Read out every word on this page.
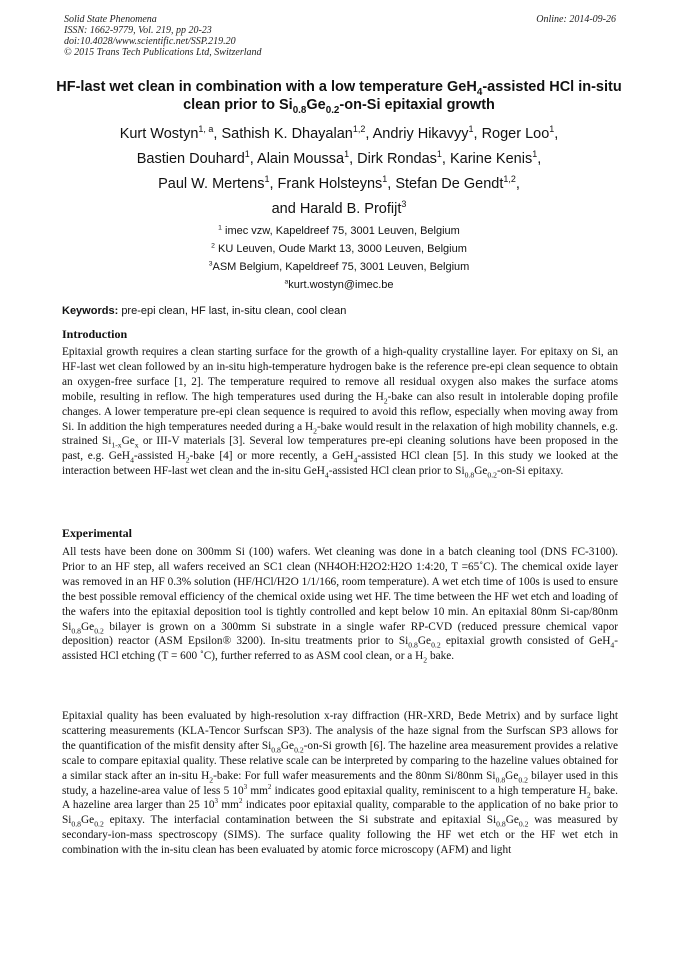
Solid State Phenomena
ISSN: 1662-9779, Vol. 219, pp 20-23
doi:10.4028/www.scientific.net/SSP.219.20
© 2015 Trans Tech Publications Ltd, Switzerland
Online: 2014-09-26
HF-last wet clean in combination with a low temperature GeH$_4$-assisted HCl in-situ clean prior to $Si_{0.8}Ge_{0.2}-on-Si$ epitaxial growth
Kurt Wostyn$^{1, a}$, Sathish K. Dhayalan$^{1,2}$, Andriy Hikavyy$^1$, Roger Loo$^1$,
Bastien Douhard$^1$, Alain Moussa$^1$, Dirk Rondas$^1$, Karine Kenis$^1$,
Paul W. Mertens$^1$, Frank Holsteyns$^1$, Stefan De Gendt$^{1,2}$,
and Harald B. Profijt$^3$
$^1$ imec vzw, Kapeldreef 75, 3001 Leuven, Belgium
$^2$ KU Leuven, Oude Markt 13, 3000 Leuven, Belgium
$^3$ASM Belgium, Kapeldreef 75, 3001 Leuven, Belgium
$^a$kurt.wostyn@imec.be
Keywords: pre-epi clean, HF last, in-situ clean, cool clean
Introduction
Epitaxial growth requires a clean starting surface for the growth of a high-quality crystalline layer. For epitaxy on Si, an HF-last wet clean followed by an in-situ high-temperature hydrogen bake is the reference pre-epi clean sequence to obtain an oxygen-free surface [1, 2]. The temperature required to remove all residual oxygen also makes the surface atoms mobile, resulting in reflow. The high temperatures used during the $H_2$-bake can also result in intolerable doping profile changes. A lower temperature pre-epi clean sequence is required to avoid this reflow, especially when moving away from Si. In addition the high temperatures needed during a $H_2$-bake would result in the relaxation of high mobility channels, e.g. strained $Si_{1-x}Ge_x$ or III-V materials [3]. Several low temperatures pre-epi cleaning solutions have been proposed in the past, e.g. GeH$_4$-assisted $H_2$-bake [4] or more recently, a GeH$_4$-assisted HCl clean [5]. In this study we looked at the interaction between HF-last wet clean and the in-situ GeH$_4$-assisted HCl clean prior to $Si_{0.8}Ge_{0.2}-on-Si$ epitaxy.
Experimental
All tests have been done on 300mm Si (100) wafers. Wet cleaning was done in a batch cleaning tool (DNS FC-3100). Prior to an HF step, all wafers received an SC1 clean (NH4OH:H2O2:H2O 1:4:20, T =65˚C). The chemical oxide layer was removed in an HF 0.3% solution (HF/HCl/H2O 1/1/166, room temperature). A wet etch time of 100s is used to ensure the best possible removal efficiency of the chemical oxide using wet HF. The time between the HF wet etch and loading of the wafers into the epitaxial deposition tool is tightly controlled and kept below 10 min. An epitaxial 80nm Si-cap/80nm $Si_{0.8}Ge_{0.2}$ bilayer is grown on a 300mm Si substrate in a single wafer RP-CVD (reduced pressure chemical vapor deposition) reactor (ASM Epsilon® 3200). In-situ treatments prior to $Si_{0.8}Ge_{0.2}$ epitaxial growth consisted of GeH$_4$-assisted HCl etching (T = 600 ˚C), further referred to as ASM cool clean, or a $H_2$ bake.
Epitaxial quality has been evaluated by high-resolution x-ray diffraction (HR-XRD, Bede Metrix) and by surface light scattering measurements (KLA-Tencor Surfscan SP3). The analysis of the haze signal from the Surfscan SP3 allows for the quantification of the misfit density after $Si_{0.8}Ge_{0.2}-on-Si$ growth [6]. The hazeline area measurement provides a relative scale to compare epitaxial quality. These relative scale can be interpreted by comparing to the hazeline values obtained for a similar stack after an in-situ $H_2$-bake: For full wafer measurements and the 80nm Si/80nm $Si_{0.8}Ge_{0.2}$ bilayer used in this study, a hazeline-area value of less 5 $10^3$ $mm^2$ indicates good epitaxial quality, reminiscent to a high temperature $H_2$ bake. A hazeline area larger than 25 $10^3$ $mm^2$ indicates poor epitaxial quality, comparable to the application of no bake prior to $Si_{0.8}Ge_{0.2}$ epitaxy. The interfacial contamination between the Si substrate and epitaxial $Si_{0.8}Ge_{0.2}$ was measured by secondary-ion-mass spectroscopy (SIMS). The surface quality following the HF wet etch or the HF wet etch in combination with the in-situ clean has been evaluated by atomic force microscopy (AFM) and light
